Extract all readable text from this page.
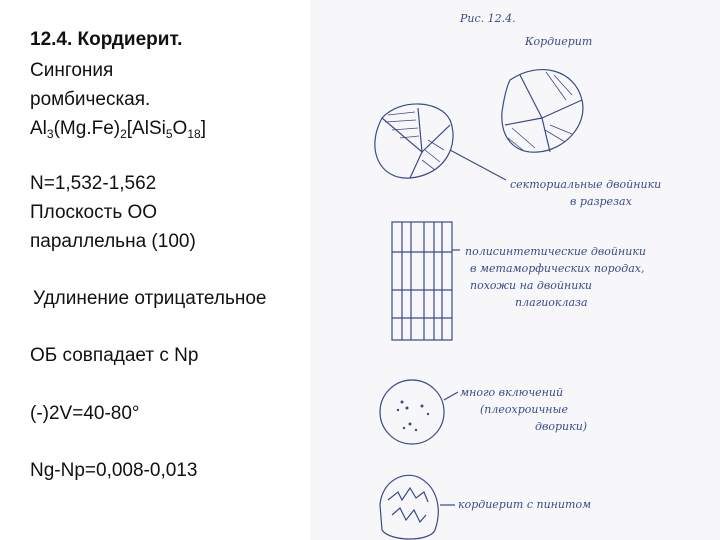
12.4. Кордиерит.
Сингония
ромбическая.
$Al_3(Mg.Fe)_2[AlSi_5O_{18}]$
N=1,532-1,562
Плоскость ОО
параллельна (100)
Удлинение отрицательное
ОБ совпадает с Np
(-)2V=40-80°
Ng-Np=0,008-0,013
Рис. 12.4.
Кордиерит
секториальные двойники
в разрезах
полисинтетические двойники
в метаморфических породах,
похожи на двойники
плагиоклаза
много включений
(плеохроичные
дворики)
кордиерит с пинитом
